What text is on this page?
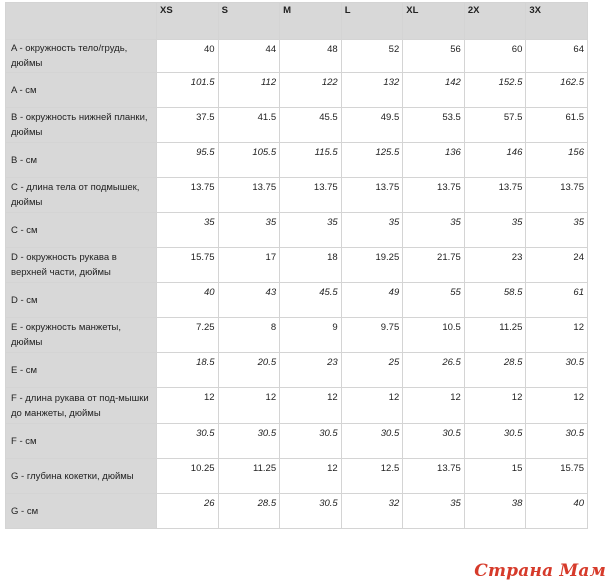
	XS	S	M	L	XL	2X	3X
A - окружность тело/грудь, дюймы	40	44	48	52	56	60	64
A - см	101.5	112	122	132	142	152.5	162.5
B - окружность нижней планки, дюймы	37.5	41.5	45.5	49.5	53.5	57.5	61.5
B - см	95.5	105.5	115.5	125.5	136	146	156
C - длина тела от подмышек, дюймы	13.75	13.75	13.75	13.75	13.75	13.75	13.75
C - см	35	35	35	35	35	35	35
D - окружность рукава в верхней части, дюймы	15.75	17	18	19.25	21.75	23	24
D - см	40	43	45.5	49	55	58.5	61
E - окружность манжеты, дюймы	7.25	8	9	9.75	10.5	11.25	12
E - см	18.5	20.5	23	25	26.5	28.5	30.5
F - длина рукава от под-мышки до манжеты, дюймы	12	12	12	12	12	12	12
F - см	30.5	30.5	30.5	30.5	30.5	30.5	30.5
G - глубина кокетки, дюймы	10.25	11.25	12	12.5	13.75	15	15.75
G - см	26	28.5	30.5	32	35	38	40
Страна Мам
